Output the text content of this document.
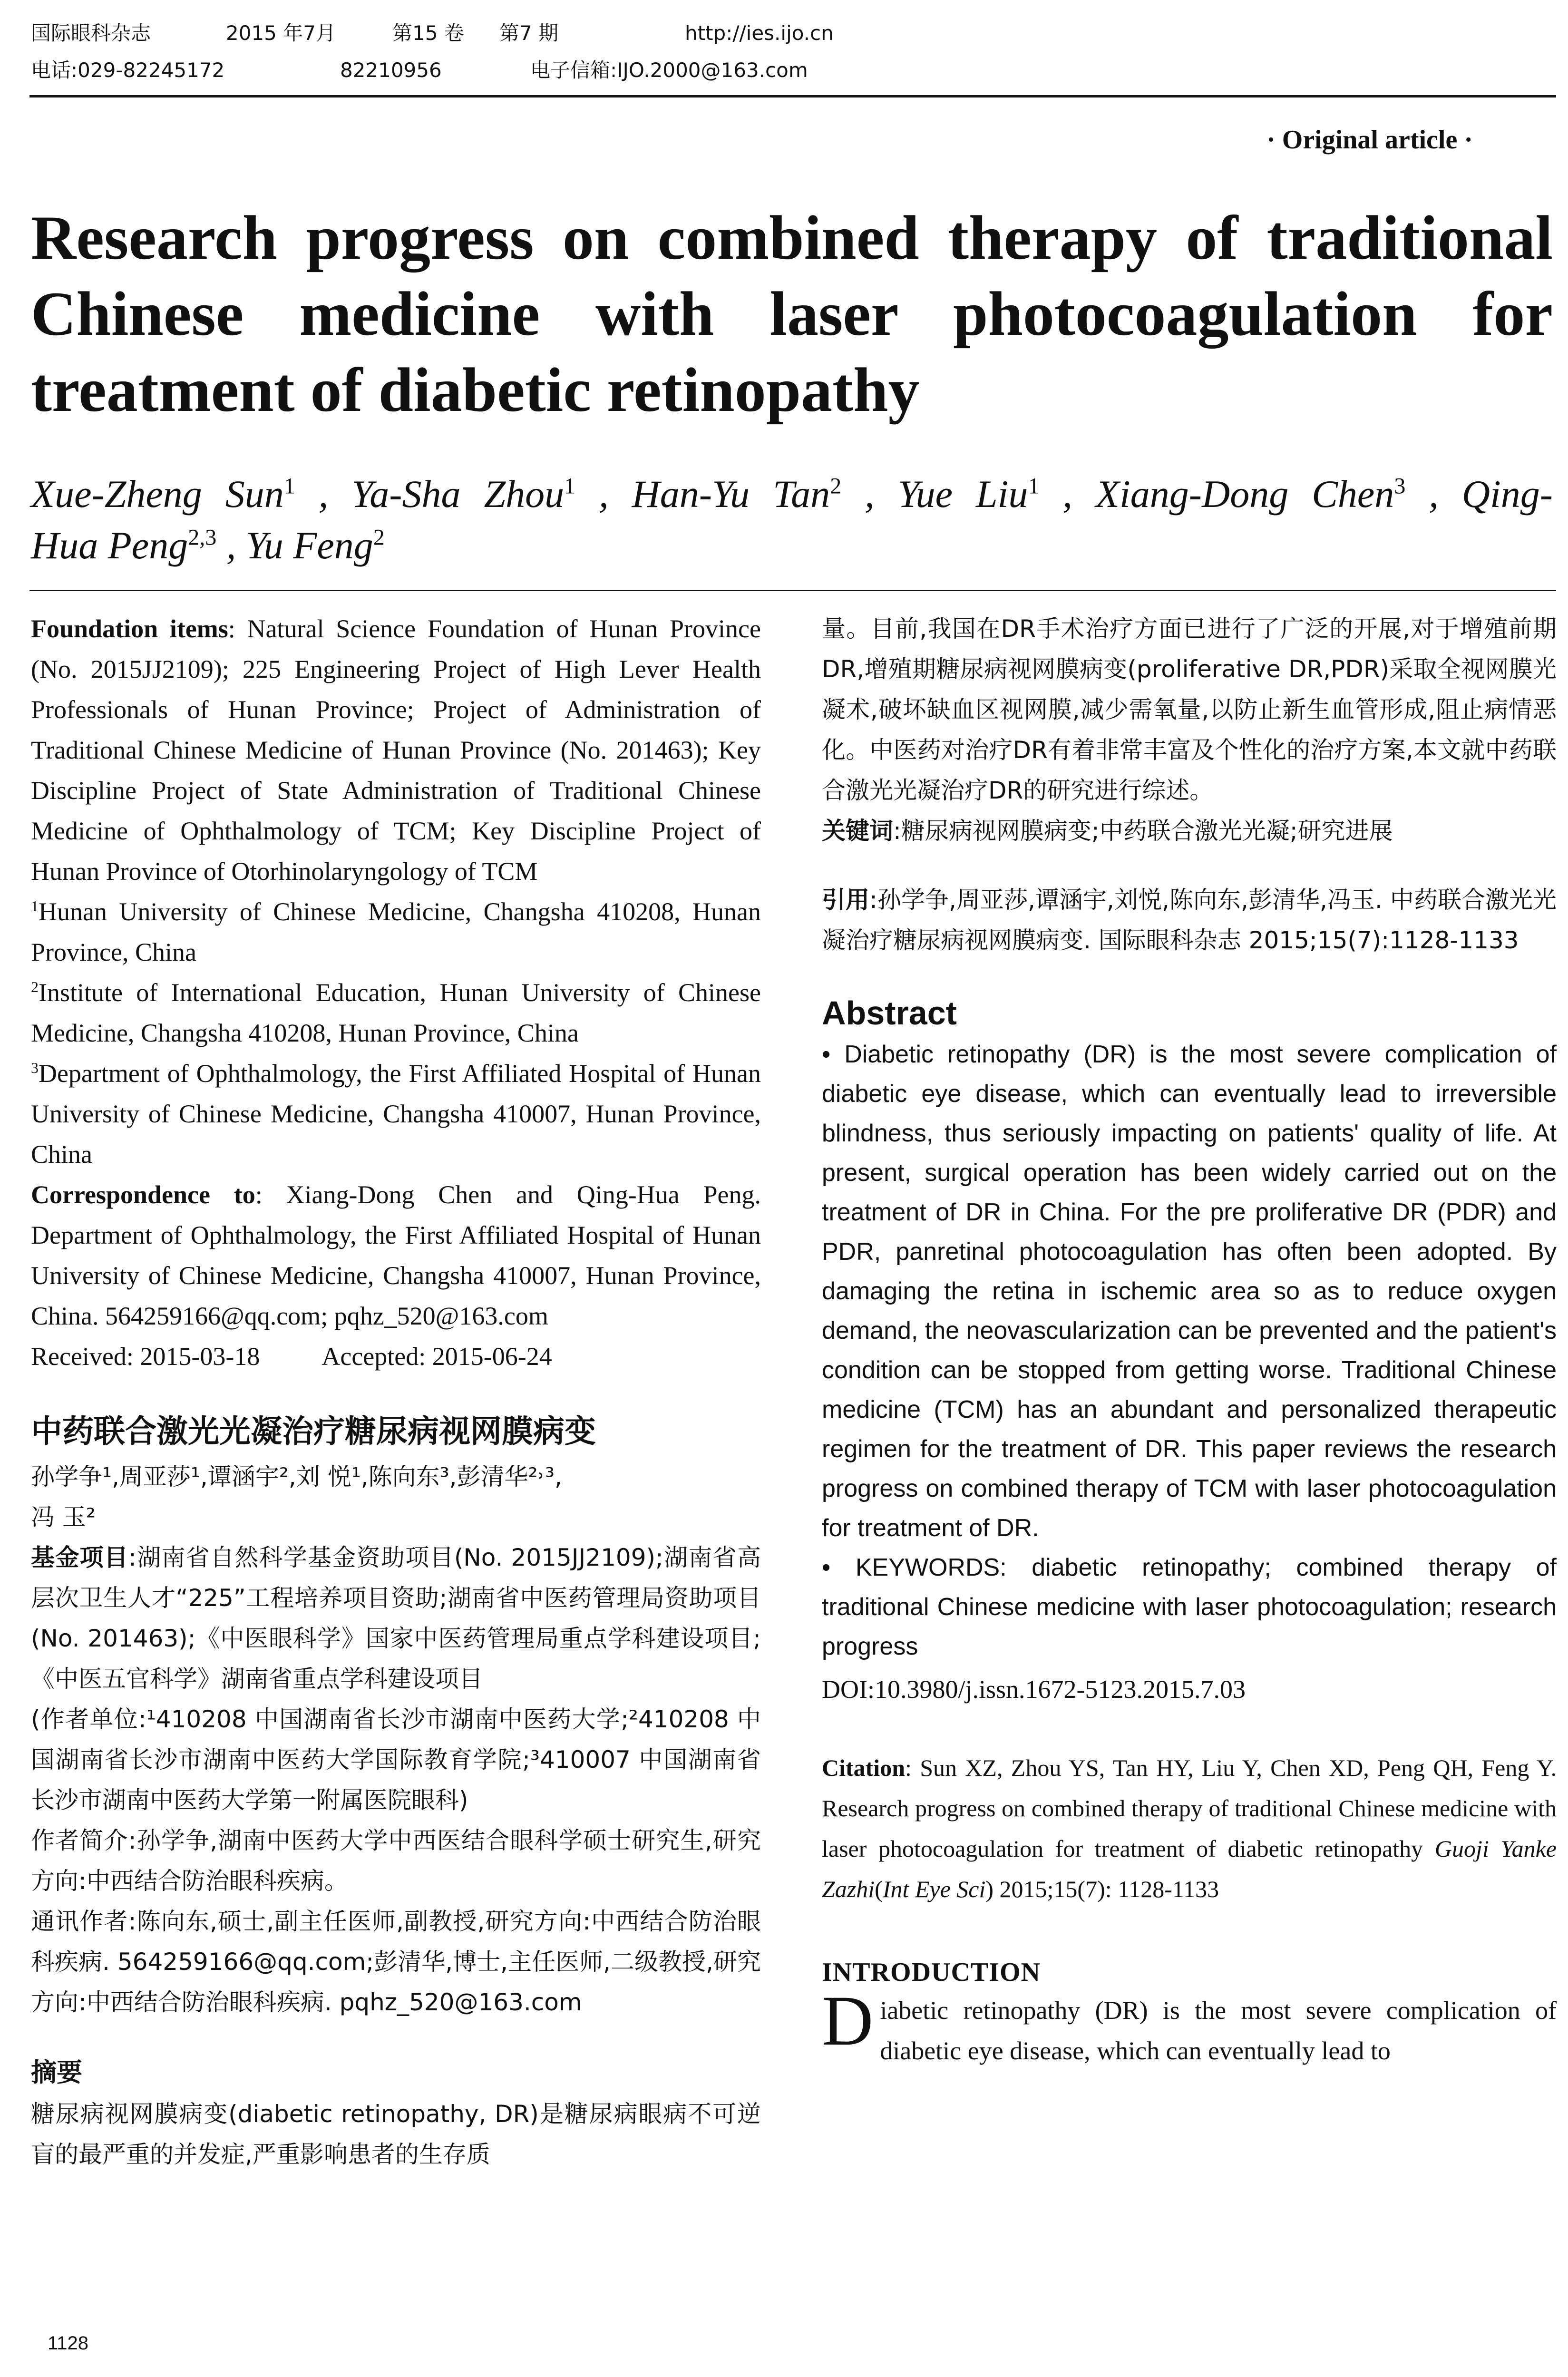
国际眼科杂志	2015 年7月	第15 卷 第7 期	http://ies.ijo.cn
电话:029-82245172	82210956	电子信箱:IJO.2000@163.com
· Original article ·
Research progress on combined therapy of traditional
Chinese medicine with laser photocoagulation for
treatment of diabetic retinopathy
Xue-Zheng Sun$^1$ , Ya-Sha Zhou$^1$ , Han-Yu Tan$^2$ , Yue Liu$^1$ , Xiang-Dong Chen$^3$ , Qing-
Hua Peng$^{2,3}$ , Yu Feng$^2$
Foundation items: Natural Science Foundation of Hunan Province (No. 2015JJ2109); 225 Engineering Project of High Lever Health Professionals of Hunan Province; Project of Administration of Traditional Chinese Medicine of Hunan Province (No. 201463); Key Discipline Project of State Administration of Traditional Chinese Medicine of Ophthalmology of TCM; Key Discipline Project of Hunan Province of Otorhinolaryngology of TCM
$^1$Hunan University of Chinese Medicine, Changsha 410208, Hunan Province, China
$^2$Institute of International Education, Hunan University of Chinese Medicine, Changsha 410208, Hunan Province, China
$^3$Department of Ophthalmology, the First Affiliated Hospital of Hunan University of Chinese Medicine, Changsha 410007, Hunan Province, China
Correspondence to: Xiang-Dong Chen and Qing-Hua Peng. Department of Ophthalmology, the First Affiliated Hospital of Hunan University of Chinese Medicine, Changsha 410007, Hunan Province, China. 564259166@qq.com; pqhz_520@163.com
Received: 2015-03-18 Accepted: 2015-06-24
中药联合激光光凝治疗糖尿病视网膜病变
孙学争¹,周亚莎¹,谭涵宇²,刘 悦¹,陈向东³,彭清华²˒³,
冯 玉²
基金项目:湖南省自然科学基金资助项目(No. 2015JJ2109);湖南省高层次卫生人才“225”工程培养项目资助;湖南省中医药管理局资助项目(No. 201463);《中医眼科学》国家中医药管理局重点学科建设项目;《中医五官科学》湖南省重点学科建设项目
(作者单位:¹410208 中国湖南省长沙市湖南中医药大学;²410208 中国湖南省长沙市湖南中医药大学国际教育学院;³410007 中国湖南省长沙市湖南中医药大学第一附属医院眼科)
作者简介:孙学争,湖南中医药大学中西医结合眼科学硕士研究生,研究方向:中西结合防治眼科疾病。
通讯作者:陈向东,硕士,副主任医师,副教授,研究方向:中西结合防治眼科疾病. 564259166@qq.com;彭清华,博士,主任医师,二级教授,研究方向:中西结合防治眼科疾病. pqhz_520@163.com
摘要
糖尿病视网膜病变(diabetic retinopathy, DR)是糖尿病眼病不可逆盲的最严重的并发症,严重影响患者的生存质
量。目前,我国在DR手术治疗方面已进行了广泛的开展,对于增殖前期DR,增殖期糖尿病视网膜病变(proliferative DR,PDR)采取全视网膜光凝术,破坏缺血区视网膜,减少需氧量,以防止新生血管形成,阻止病情恶化。中医药对治疗DR有着非常丰富及个性化的治疗方案,本文就中药联合激光光凝治疗DR的研究进行综述。
关键词:糖尿病视网膜病变;中药联合激光光凝;研究进展
引用:孙学争,周亚莎,谭涵宇,刘悦,陈向东,彭清华,冯玉. 中药联合激光光凝治疗糖尿病视网膜病变. 国际眼科杂志 2015;15(7):1128-1133
Abstract
• Diabetic retinopathy (DR) is the most severe complication of diabetic eye disease, which can eventually lead to irreversible blindness, thus seriously impacting on patients' quality of life. At present, surgical operation has been widely carried out on the treatment of DR in China. For the pre proliferative DR (PDR) and PDR, panretinal photocoagulation has often been adopted. By damaging the retina in ischemic area so as to reduce oxygen demand, the neovascularization can be prevented and the patient's condition can be stopped from getting worse. Traditional Chinese medicine (TCM) has an abundant and personalized therapeutic regimen for the treatment of DR. This paper reviews the research progress on combined therapy of TCM with laser photocoagulation for treatment of DR.
• KEYWORDS: diabetic retinopathy; combined therapy of traditional Chinese medicine with laser photocoagulation; research progress
DOI:10.3980/j.issn.1672-5123.2015.7.03
Citation: Sun XZ, Zhou YS, Tan HY, Liu Y, Chen XD, Peng QH, Feng Y. Research progress on combined therapy of traditional Chinese medicine with laser photocoagulation for treatment of diabetic retinopathy Guoji Yanke Zazhi(Int Eye Sci) 2015;15(7): 1128-1133
INTRODUCTION
Diabetic retinopathy (DR) is the most severe complication of diabetic eye disease, which can eventually lead to
1128
